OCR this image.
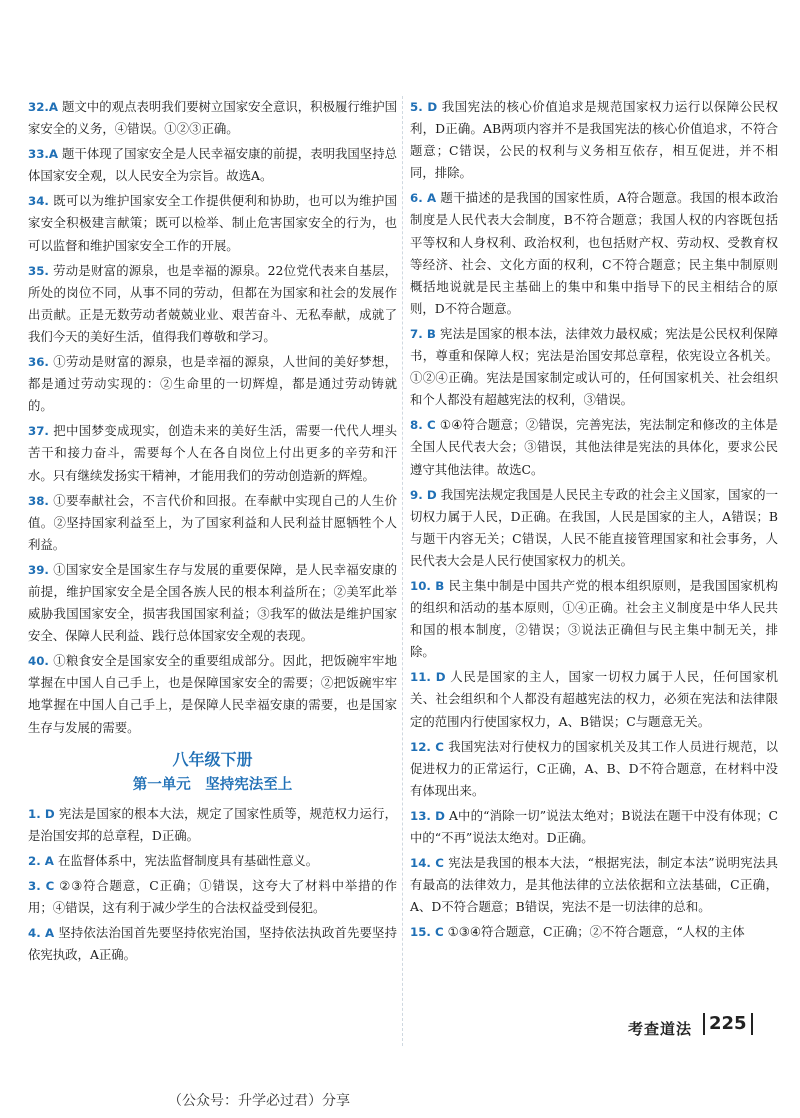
32.A 题文中的观点表明我们要树立国家安全意识，积极履行维护国家安全的义务，④错误。①②③正确。
33.A 题干体现了国家安全是人民幸福安康的前提，表明我国坚持总体国家安全观，以人民安全为宗旨。故选A。
34. 既可以为维护国家安全工作提供便利和协助，也可以为维护国家安全积极建言献策；既可以检举、制止危害国家安全的行为，也可以监督和维护国家安全工作的开展。
35. 劳动是财富的源泉，也是幸福的源泉。22位党代表来自基层，所处的岗位不同，从事不同的劳动，但都在为国家和社会的发展作出贡献。正是无数劳动者兢兢业业、艰苦奋斗、无私奉献，成就了我们今天的美好生活，值得我们尊敬和学习。
36. ①劳动是财富的源泉，也是幸福的源泉，人世间的美好梦想，都是通过劳动实现的：②生命里的一切辉煌，都是通过劳动铸就的。
37. 把中国梦变成现实，创造未来的美好生活，需要一代代人埋头苦干和接力奋斗，需要每个人在各自岗位上付出更多的辛劳和汗水。只有继续发扬实干精神，才能用我们的劳动创造新的辉煌。
38. ①要奉献社会，不言代价和回报。在奉献中实现自己的人生价值。②坚持国家利益至上，为了国家利益和人民利益甘愿牺牲个人利益。
39. ①国家安全是国家生存与发展的重要保障，是人民幸福安康的前提，维护国家安全是全国各族人民的根本利益所在；②美军此举威胁我国国家安全，损害我国国家利益；③我军的做法是维护国家安全、保障人民利益、践行总体国家安全观的表现。
40. ①粮食安全是国家安全的重要组成部分。因此，把饭碗牢牢地掌握在中国人自己手上，也是保障国家安全的需要；②把饭碗牢牢地掌握在中国人自己手上，是保障人民幸福安康的需要，也是国家生存与发展的需要。
八年级下册
第一单元　坚持宪法至上
1. D 宪法是国家的根本大法，规定了国家性质等，规范权力运行，是治国安邦的总章程，D正确。
2. A 在监督体系中，宪法监督制度具有基础性意义。
3. C ②③符合题意，C正确；①错误，这夸大了材料中举措的作用；④错误，这有利于减少学生的合法权益受到侵犯。
4. A 坚持依法治国首先要坚持依宪治国，坚持依法执政首先要坚持依宪执政，A正确。
5. D 我国宪法的核心价值追求是规范国家权力运行以保障公民权利，D正确。AB两项内容并不是我国宪法的核心价值追求，不符合题意；C错误，公民的权利与义务相互依存，相互促进，并不相同，排除。
6. A 题干描述的是我国的国家性质，A符合题意。我国的根本政治制度是人民代表大会制度，B不符合题意；我国人权的内容既包括平等权和人身权利、政治权利，也包括财产权、劳动权、受教育权等经济、社会、文化方面的权利，C不符合题意；民主集中制原则概括地说就是民主基础上的集中和集中指导下的民主相结合的原则，D不符合题意。
7. B 宪法是国家的根本法，法律效力最权威；宪法是公民权利保障书，尊重和保障人权；宪法是治国安邦总章程，依宪设立各机关。①②④正确。宪法是国家制定或认可的，任何国家机关、社会组织和个人都没有超越宪法的权利，③错误。
8. C ①④符合题意；②错误，完善宪法，宪法制定和修改的主体是全国人民代表大会；③错误，其他法律是宪法的具体化，要求公民遵守其他法律。故选C。
9. D 我国宪法规定我国是人民民主专政的社会主义国家，国家的一切权力属于人民，D正确。在我国，人民是国家的主人，A错误；B与题干内容无关；C错误，人民不能直接管理国家和社会事务，人民代表大会是人民行使国家权力的机关。
10. B 民主集中制是中国共产党的根本组织原则，是我国国家机构的组织和活动的基本原则，①④正确。社会主义制度是中华人民共和国的根本制度，②错误；③说法正确但与民主集中制无关，排除。
11. D 人民是国家的主人，国家一切权力属于人民，任何国家机关、社会组织和个人都没有超越宪法的权力，必须在宪法和法律限定的范围内行使国家权力，A、B错误；C与题意无关。
12. C 我国宪法对行使权力的国家机关及其工作人员进行规范，以促进权力的正常运行，C正确，A、B、D不符合题意，在材料中没有体现出来。
13. D A中的“消除一切”说法太绝对；B说法在题干中没有体现；C中的“不再”说法太绝对。D正确。
14. C 宪法是我国的根本大法，“根据宪法，制定本法”说明宪法具有最高的法律效力，是其他法律的立法依据和立法基础，C正确，A、D不符合题意；B错误，宪法不是一切法律的总和。
15. C ①③④符合题意，C正确；②不符合题意，“人权的主体
考查道法 225
（公众号：升学必过君）分享
